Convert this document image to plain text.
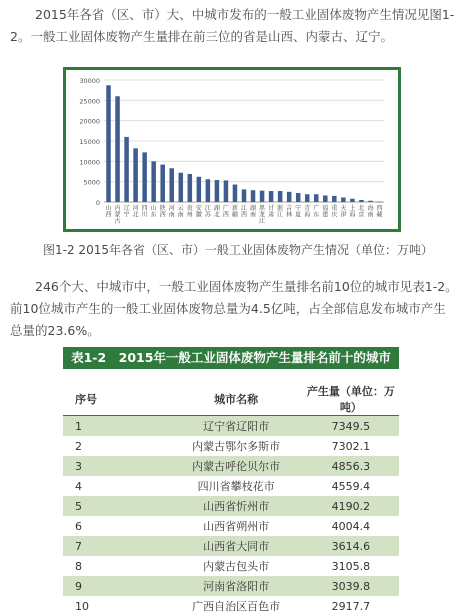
2015年各省（区、市）大、中城市发布的一般工业固体废物产生情况见图1-2。一般工业固体废物产生量排在前三位的省是山西、内蒙古、辽宁。

0
5000
10000
15000
20000
25000
30000
山西
内蒙古
辽宁
河北
四川
山东
陕西
河南
云南
贵州
安徽
江苏
湖北
广西
新疆
江西
湖南
黑龙江
甘肃
浙江
吉林
宁夏
青海
广东
福建
重庆
天津
上海
北京
海南
西藏

图1-2 2015年各省（区、市）一般工业固体废物产生情况（单位：万吨）

246个大、中城市中，一般工业固体废物产生量排名前10位的城市见表1-2。前10位城市产生的一般工业固体废物总量为4.5亿吨，占全部信息发布城市产生总量的23.6%。

表1-2　2015年一般工业固体废物产生量排名前十的城市
序号	城市名称	产生量（单位：万吨）
1	辽宁省辽阳市	7349.5
2	内蒙古鄂尔多斯市	7302.1
3	内蒙古呼伦贝尔市	4856.3
4	四川省攀枝花市	4559.4
5	山西省忻州市	4190.2
6	山西省朔州市	4004.4
7	山西省大同市	3614.6
8	内蒙古包头市	3105.8
9	河南省洛阳市	3039.8
10	广西自治区百色市	2917.7
